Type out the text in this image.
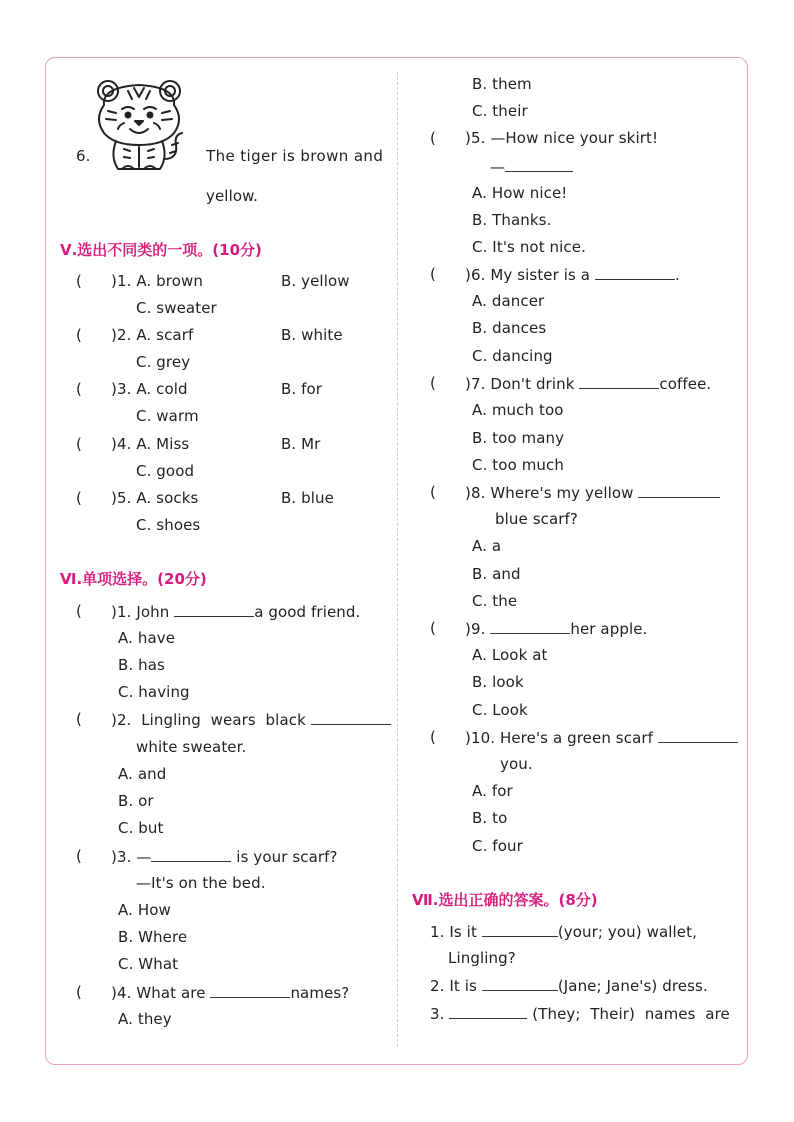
6.	The tiger is brown and
yellow.
Ⅴ.选出不同类的一项。(10分)
( )1. A. brown	B. yellow
C. sweater
( )2. A. scarf	B. white
C. grey
( )3. A. cold	B. for
C. warm
( )4. A. Miss	B. Mr
C. good
( )5. A. socks	B. blue
C. shoes
Ⅵ.单项选择。(20分)
( )1. John	a good friend.
A. have
B. has
C. having
( )2.  Lingling  wears  black
white sweater.
A. and
B. or
C. but
( )3. —	is your scarf?
—It's on the bed.
A. How
B. Where
C. What
( )4. What are	names?
A. they
B. them
C. their
( )5. —How nice your skirt!
—
A. How nice!
B. Thanks.
C. It's not nice.
( )6. My sister is a	.
A. dancer
B. dances
C. dancing
( )7. Don't drink	coffee.
A. much too
B. too many
C. too much
( )8. Where's my yellow
blue scarf?
A. a
B. and
C. the
( )9.	her apple.
A. Look at
B. look
C. Look
( )10. Here's a green scarf
you.
A. for
B. to
C. four
Ⅶ.选出正确的答案。(8分)
1. Is it	(your; you) wallet,
Lingling?
2. It is	(Jane; Jane's) dress.
3.	(They;  Their)  names  are
